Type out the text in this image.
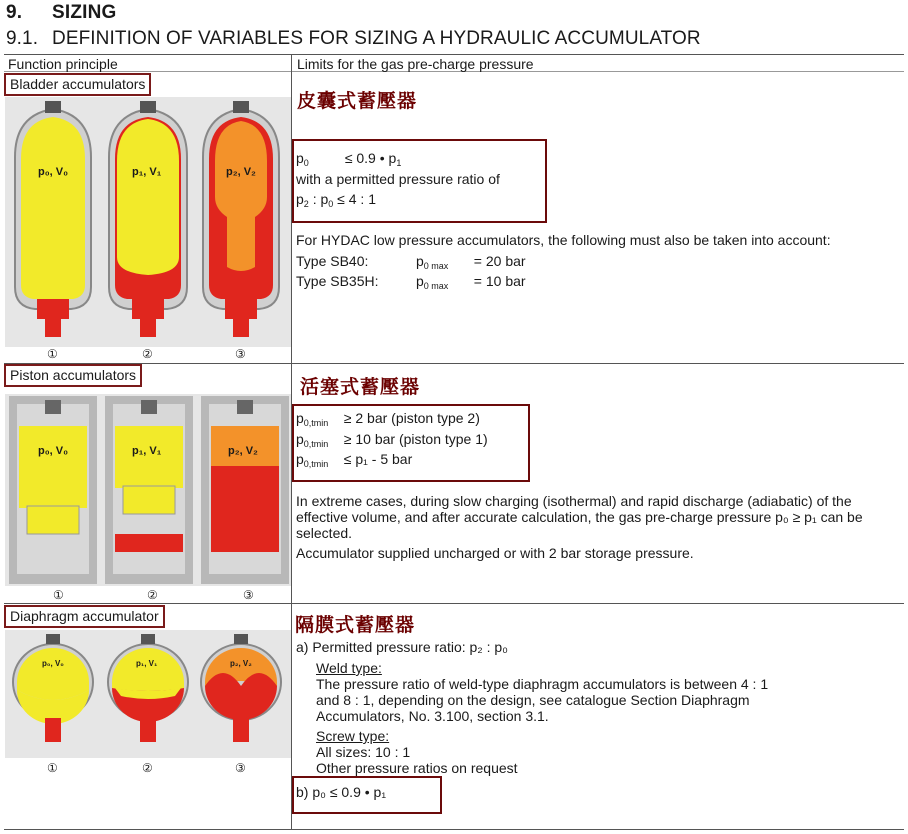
9. SIZING
9.1. DEFINITION OF VARIABLES FOR SIZING A HYDRAULIC ACCUMULATOR
Function principle	Limits for the gas pre-charge pressure
Bladder accumulators
皮囊式蓄壓器
p₀, V₀	p₁, V₁	p₂, V₂
①	②	③
$p_0$	≤ 0.9 • $p_1$
with a permitted pressure ratio of
$p_2$ : $p_0 \le 4$ : 1
For HYDAC low pressure accumulators, the following must also be taken into account:
Type SB40:	$p_{0 max} = 20$ bar
Type SB35H:	$p_{0 max} = 10$ bar
Piston accumulators
活塞式蓄壓器
p₀, V₀	p₁, V₁	p₂, V₂
①	②	③
$p_{0,tmin} \ge 2$ bar (piston type 2)
$p_{0,tmin} \ge 10$ bar (piston type 1)
$p_{0,tmin} \le p_1 - 5$ bar
In extreme cases, during slow charging (isothermal) and rapid discharge (adiabatic) of the effective volume, and after accurate calculation, the gas pre-charge pressure p₀ ≥ p₁ can be selected.
Accumulator supplied uncharged or with 2 bar storage pressure.
Diaphragm accumulator	隔膜式蓄壓器
p₀, V₀	p₁, V₁	p₂, V₂
①	②	③
a) Permitted pressure ratio: p₂ : p₀
Weld type:
The pressure ratio of weld-type diaphragm accumulators is between 4 : 1 and 8 : 1, depending on the design, see catalogue Section Diaphragm Accumulators, No. 3.100, section 3.1.
Screw type:
All sizes: 10 : 1
Other pressure ratios on request
b) p₀ ≤ 0.9 • p₁
